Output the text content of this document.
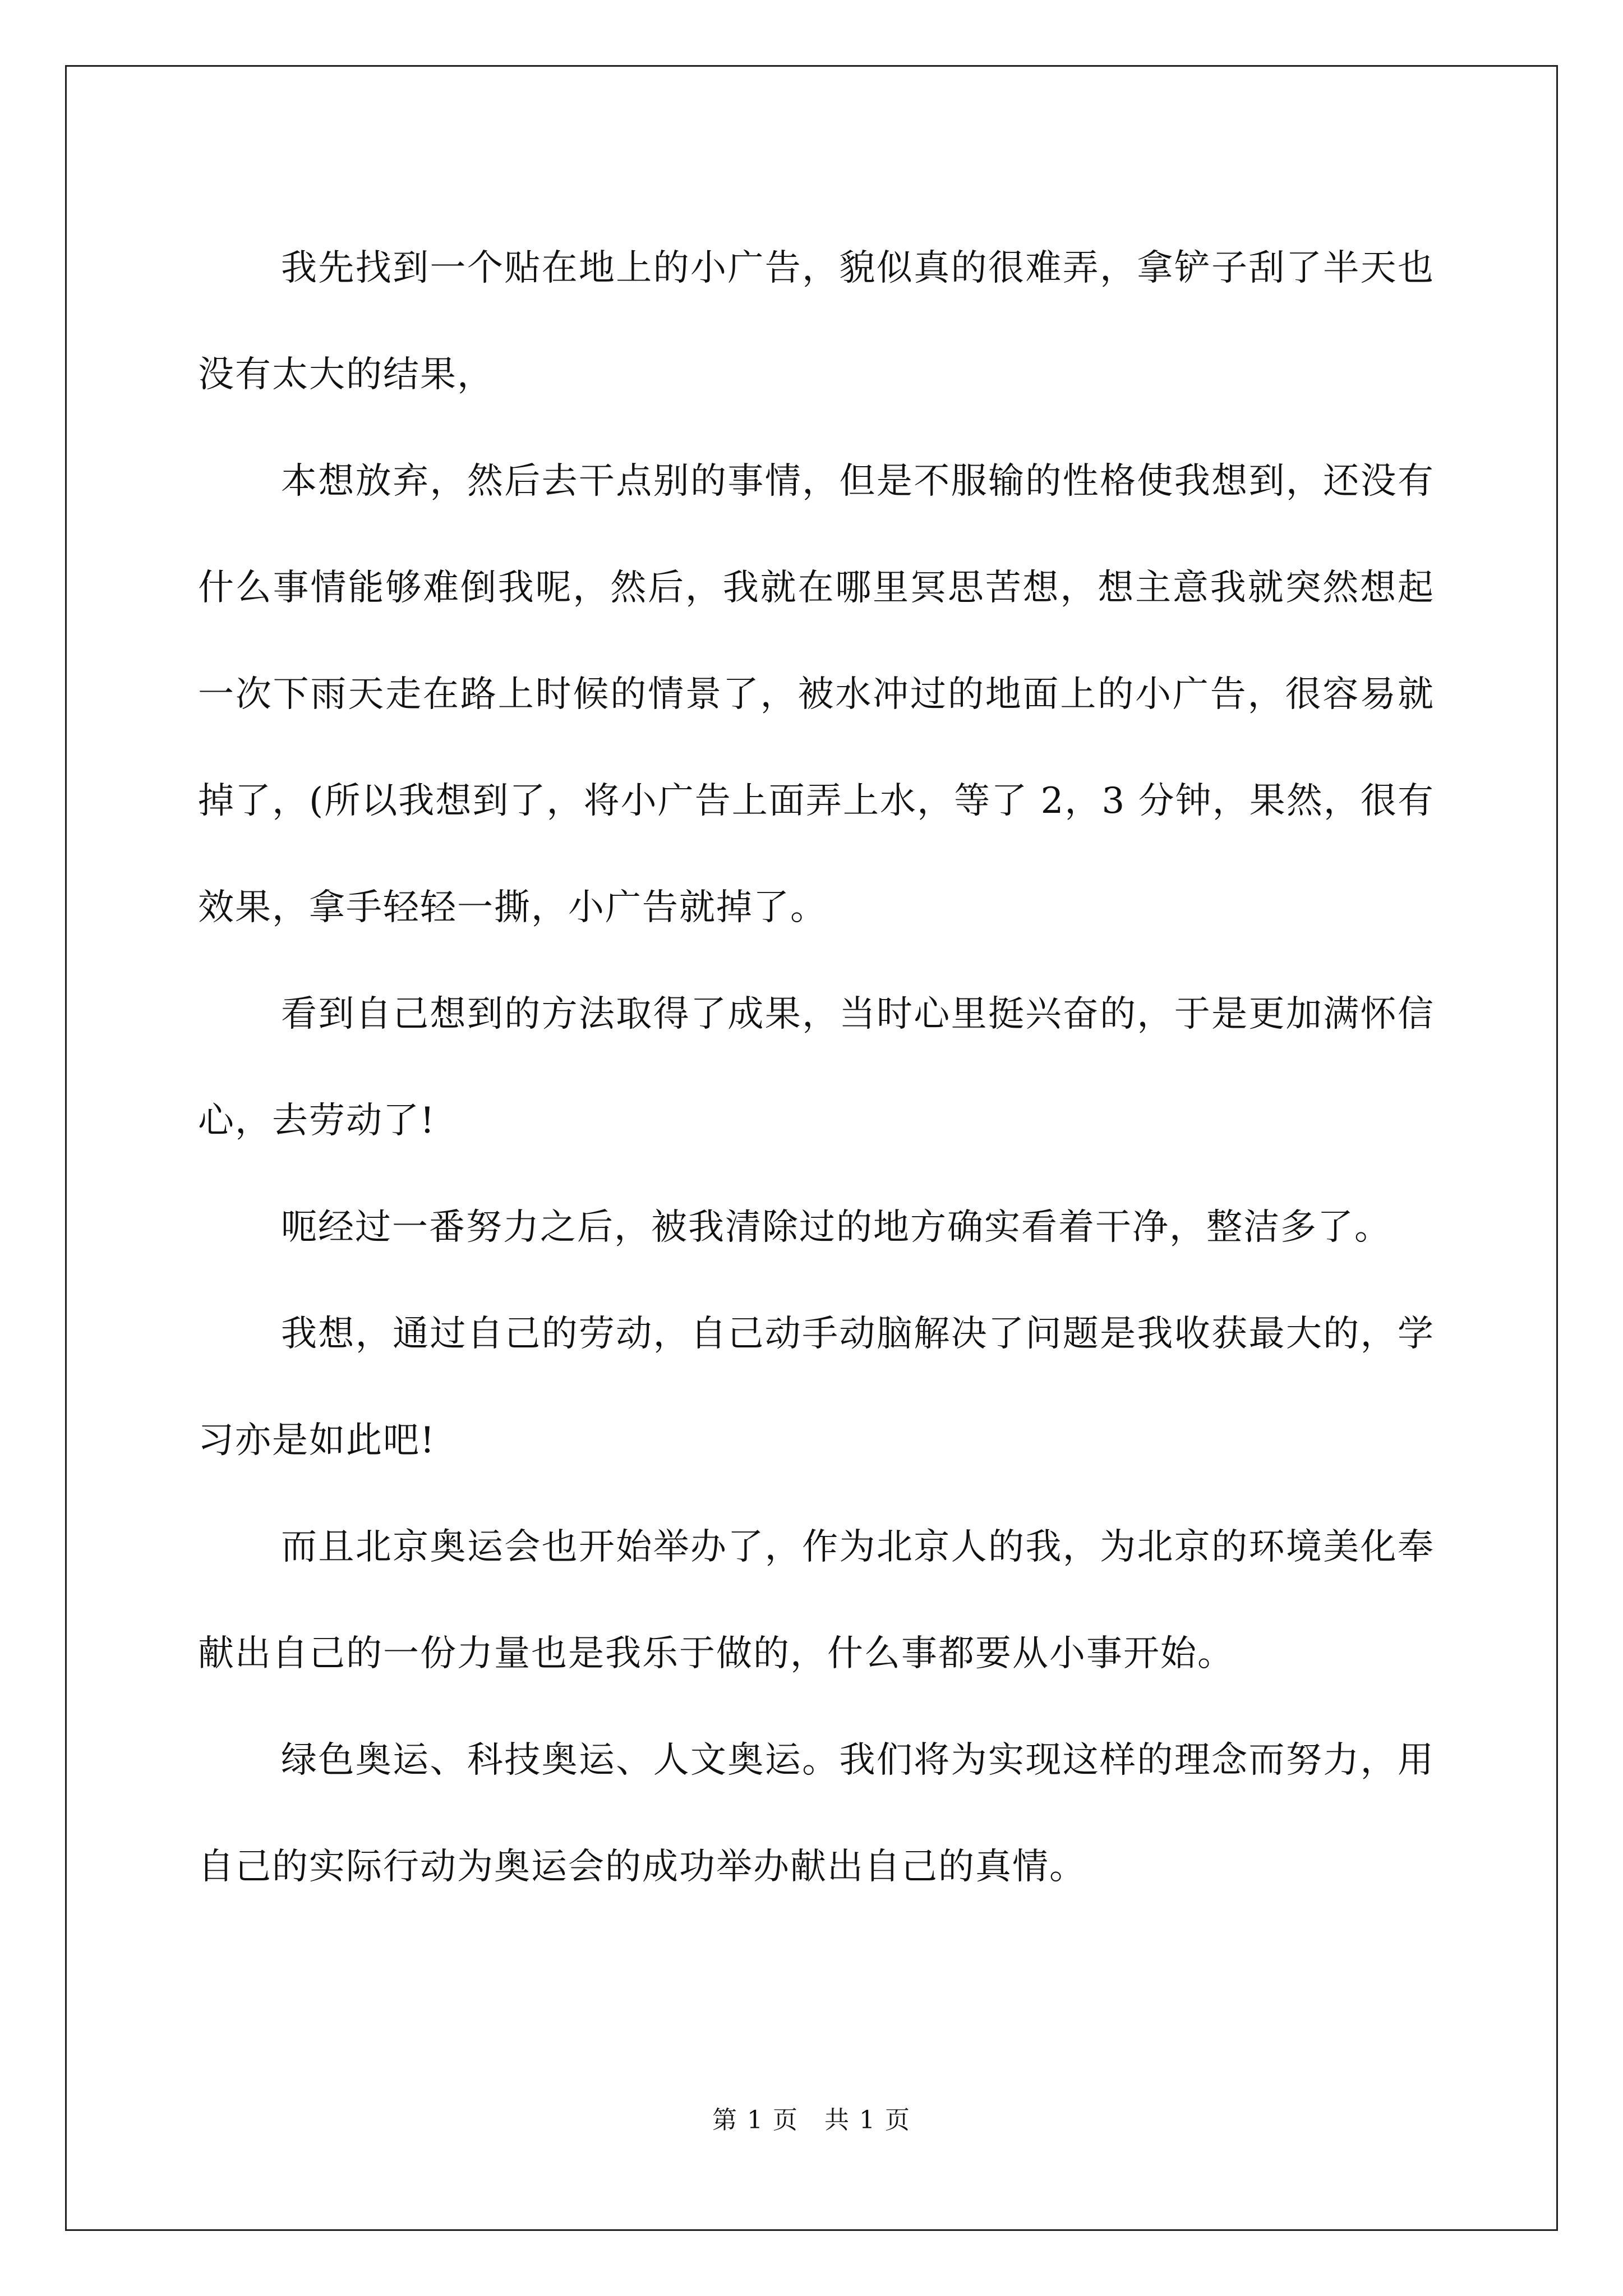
我先找到一个贴在地上的小广告，貌似真的很难弄，拿铲子刮了半天也没有太大的结果，

本想放弃，然后去干点别的事情，但是不服输的性格使我想到，还没有什么事情能够难倒我呢，然后，我就在哪里冥思苦想，想主意我就突然想起一次下雨天走在路上时候的情景了，被水冲过的地面上的小广告，很容易就掉了，(所以我想到了，将小广告上面弄上水，等了 2，3 分钟，果然，很有效果，拿手轻轻一撕，小广告就掉了。

看到自己想到的方法取得了成果，当时心里挺兴奋的，于是更加满怀信心，去劳动了!

呃经过一番努力之后，被我清除过的地方确实看着干净，整洁多了。

我想，通过自己的劳动，自己动手动脑解决了问题是我收获最大的，学习亦是如此吧!

而且北京奥运会也开始举办了，作为北京人的我，为北京的环境美化奉献出自己的一份力量也是我乐于做的，什么事都要从小事开始。

绿色奥运、科技奥运、人文奥运。我们将为实现这样的理念而努力，用自己的实际行动为奥运会的成功举办献出自己的真情。

第 1 页　共 1 页
